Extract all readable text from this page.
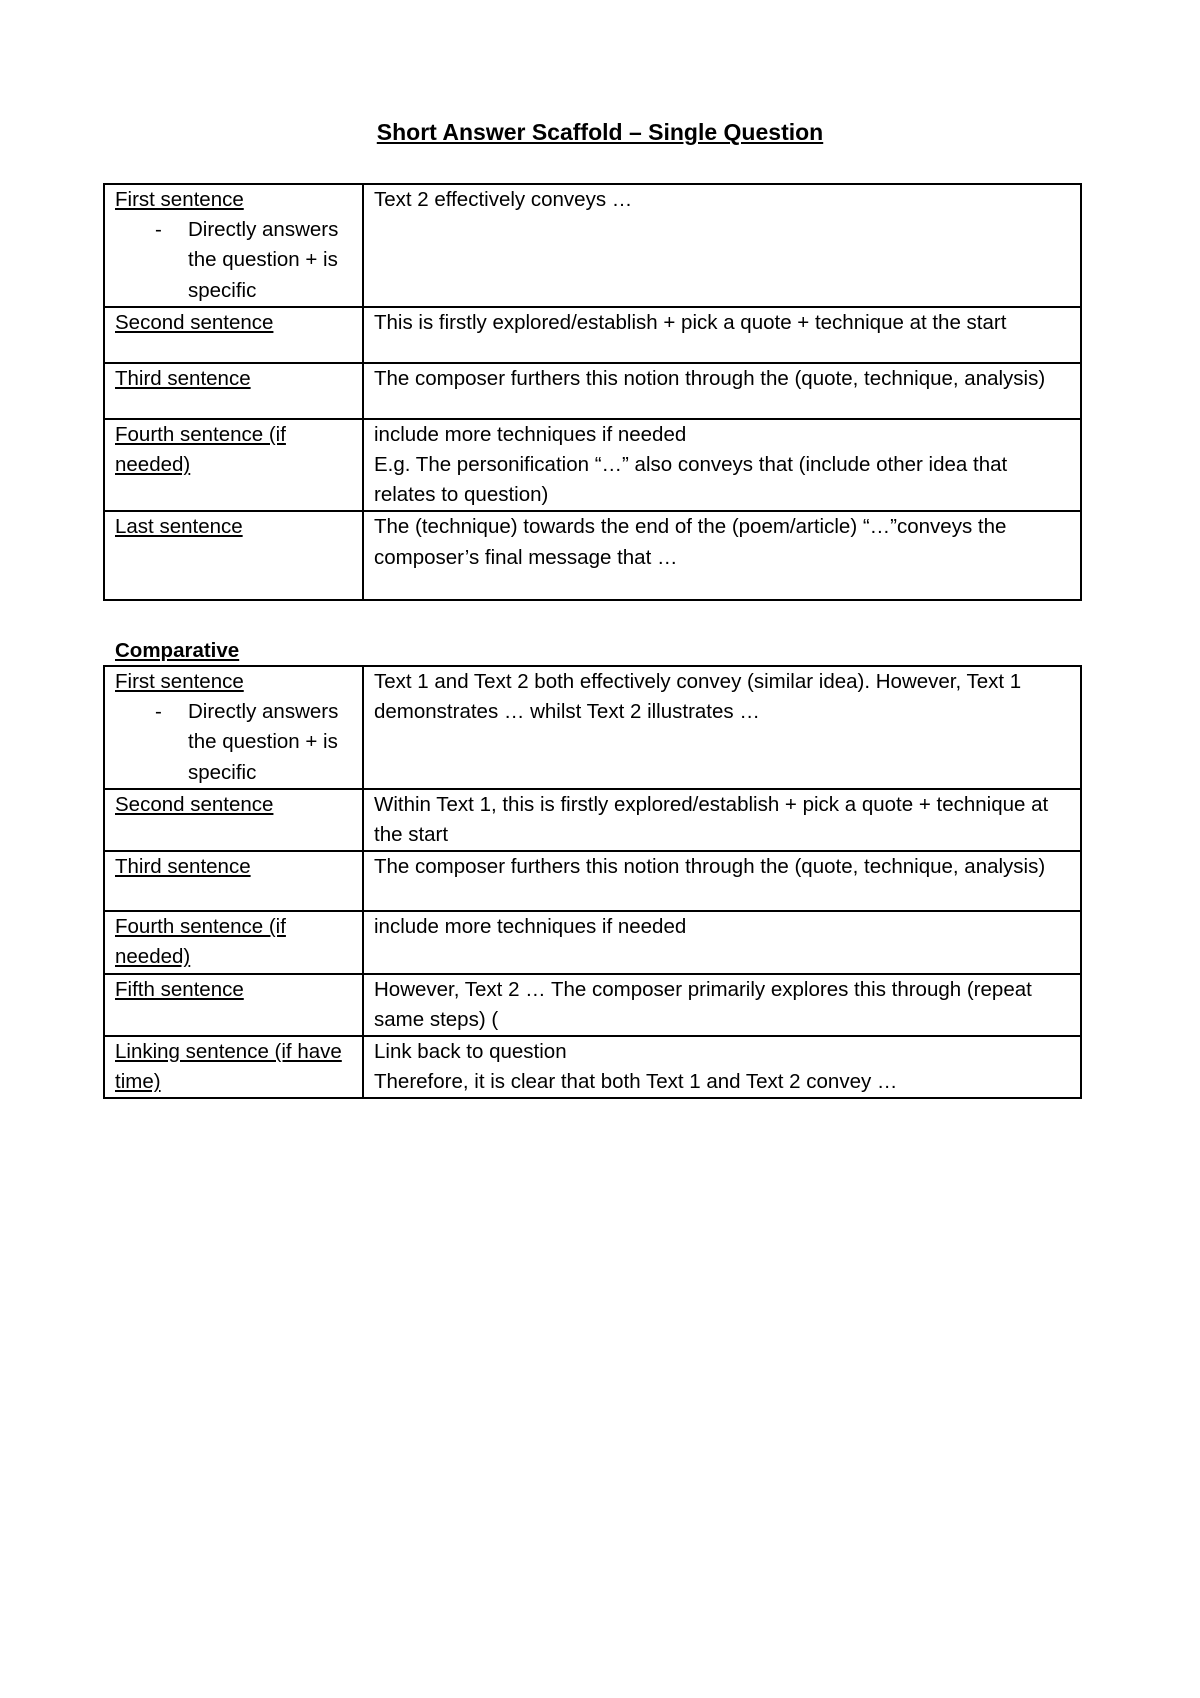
Short Answer Scaffold – Single Question
First sentence
- Directly answers the question + is specific	Text 2 effectively conveys …

Second sentence	This is firstly explored/establish + pick a quote + technique at the start

Third sentence	The composer furthers this notion through the (quote, technique, analysis)

Fourth sentence (if needed)	include more techniques if needed
E.g. The personification “…” also conveys that (include other idea that relates to question)

Last sentence	The (technique) towards the end of the (poem/article) “…”conveys the composer’s final message that …
Comparative
First sentence
- Directly answers the question + is specific	Text 1 and Text 2 both effectively convey (similar idea). However, Text 1 demonstrates … whilst Text 2 illustrates …

Second sentence	Within Text 1, this is firstly explored/establish + pick a quote + technique at the start

Third sentence	The composer furthers this notion through the (quote, technique, analysis)

Fourth sentence (if needed)	include more techniques if needed

Fifth sentence	However, Text 2 … The composer primarily explores this through (repeat same steps) (

Linking sentence (if have time)	Link back to question
Therefore, it is clear that both Text 1 and Text 2 convey …
